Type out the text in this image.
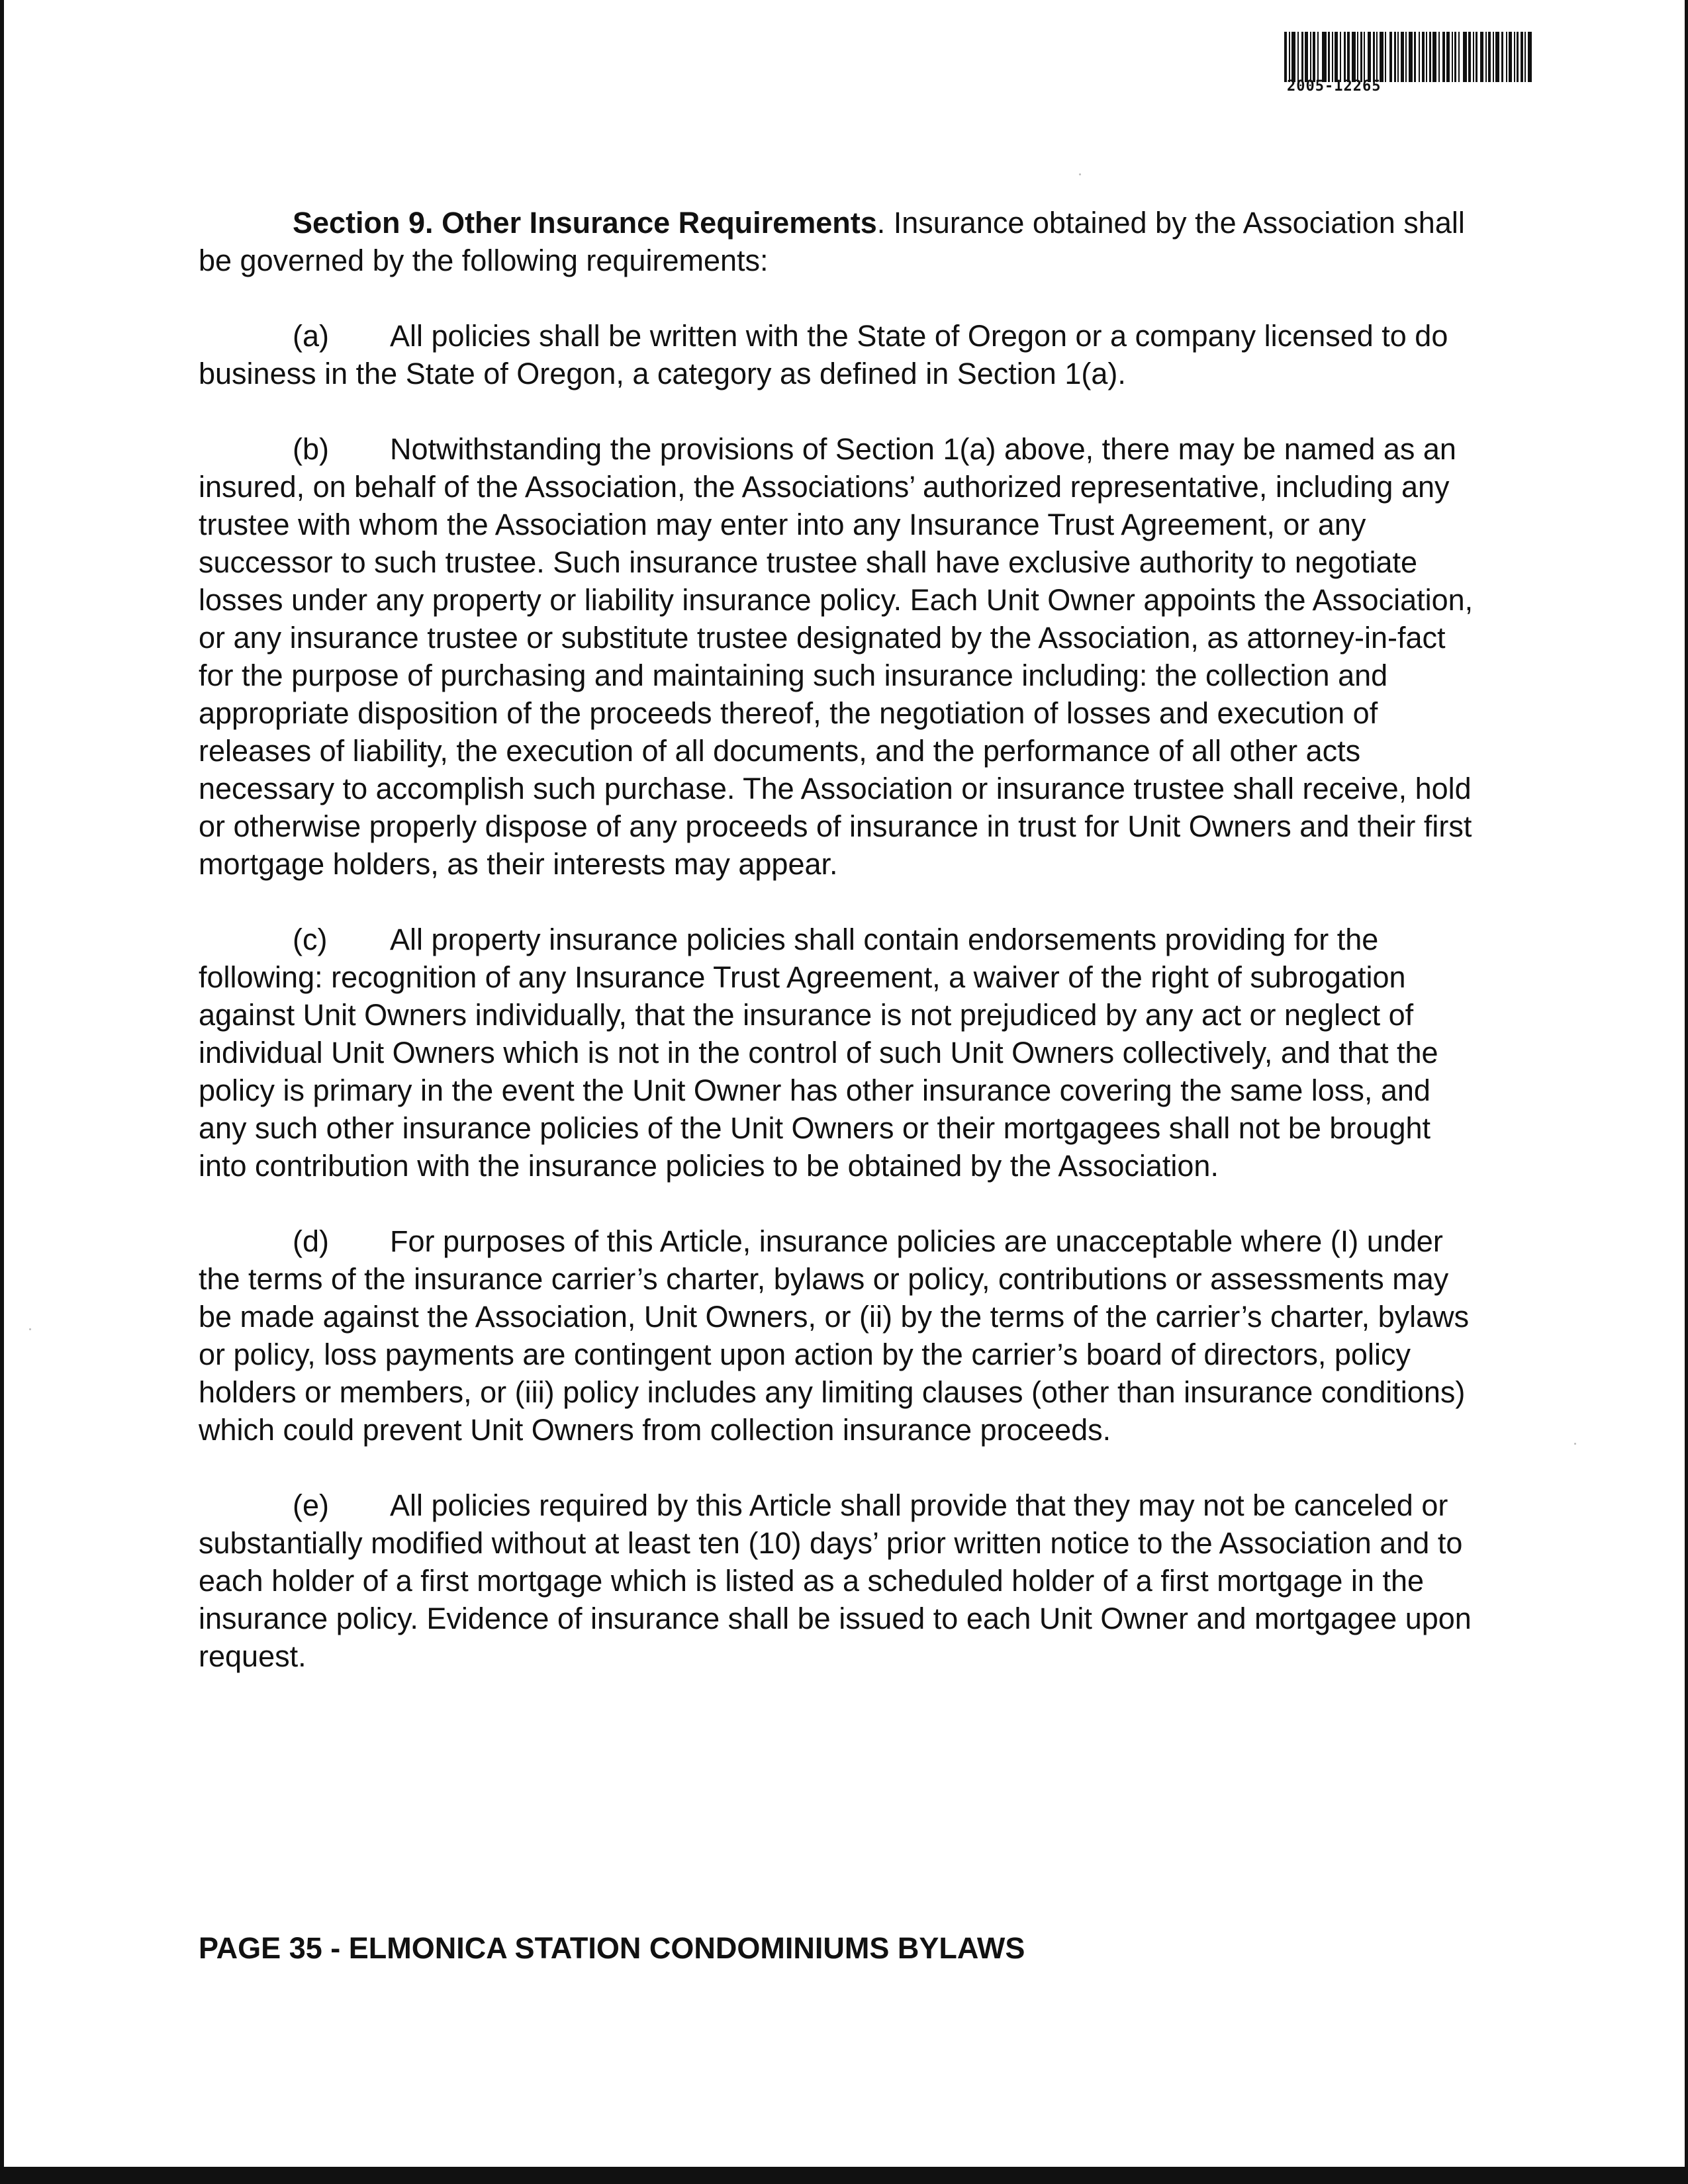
2005-12265

Section 9. Other Insurance Requirements. Insurance obtained by the Association shall be governed by the following requirements:

(a) All policies shall be written with the State of Oregon or a company licensed to do business in the State of Oregon, a category as defined in Section 1(a).

(b) Notwithstanding the provisions of Section 1(a) above, there may be named as an insured, on behalf of the Association, the Associations’ authorized representative, including any trustee with whom the Association may enter into any Insurance Trust Agreement, or any successor to such trustee. Such insurance trustee shall have exclusive authority to negotiate losses under any property or liability insurance policy. Each Unit Owner appoints the Association, or any insurance trustee or substitute trustee designated by the Association, as attorney-in-fact for the purpose of purchasing and maintaining such insurance including: the collection and appropriate disposition of the proceeds thereof, the negotiation of losses and execution of releases of liability, the execution of all documents, and the performance of all other acts necessary to accomplish such purchase. The Association or insurance trustee shall receive, hold or otherwise properly dispose of any proceeds of insurance in trust for Unit Owners and their first mortgage holders, as their interests may appear.

(c) All property insurance policies shall contain endorsements providing for the following: recognition of any Insurance Trust Agreement, a waiver of the right of subrogation against Unit Owners individually, that the insurance is not prejudiced by any act or neglect of individual Unit Owners which is not in the control of such Unit Owners collectively, and that the policy is primary in the event the Unit Owner has other insurance covering the same loss, and any such other insurance policies of the Unit Owners or their mortgagees shall not be brought into contribution with the insurance policies to be obtained by the Association.

(d) For purposes of this Article, insurance policies are unacceptable where (I) under the terms of the insurance carrier’s charter, bylaws or policy, contributions or assessments may be made against the Association, Unit Owners, or (ii) by the terms of the carrier’s charter, bylaws or policy, loss payments are contingent upon action by the carrier’s board of directors, policy holders or members, or (iii) policy includes any limiting clauses (other than insurance conditions) which could prevent Unit Owners from collection insurance proceeds.

(e) All policies required by this Article shall provide that they may not be canceled or substantially modified without at least ten (10) days’ prior written notice to the Association and to each holder of a first mortgage which is listed as a scheduled holder of a first mortgage in the insurance policy. Evidence of insurance shall be issued to each Unit Owner and mortgagee upon request.

PAGE 35 - ELMONICA STATION CONDOMINIUMS BYLAWS
